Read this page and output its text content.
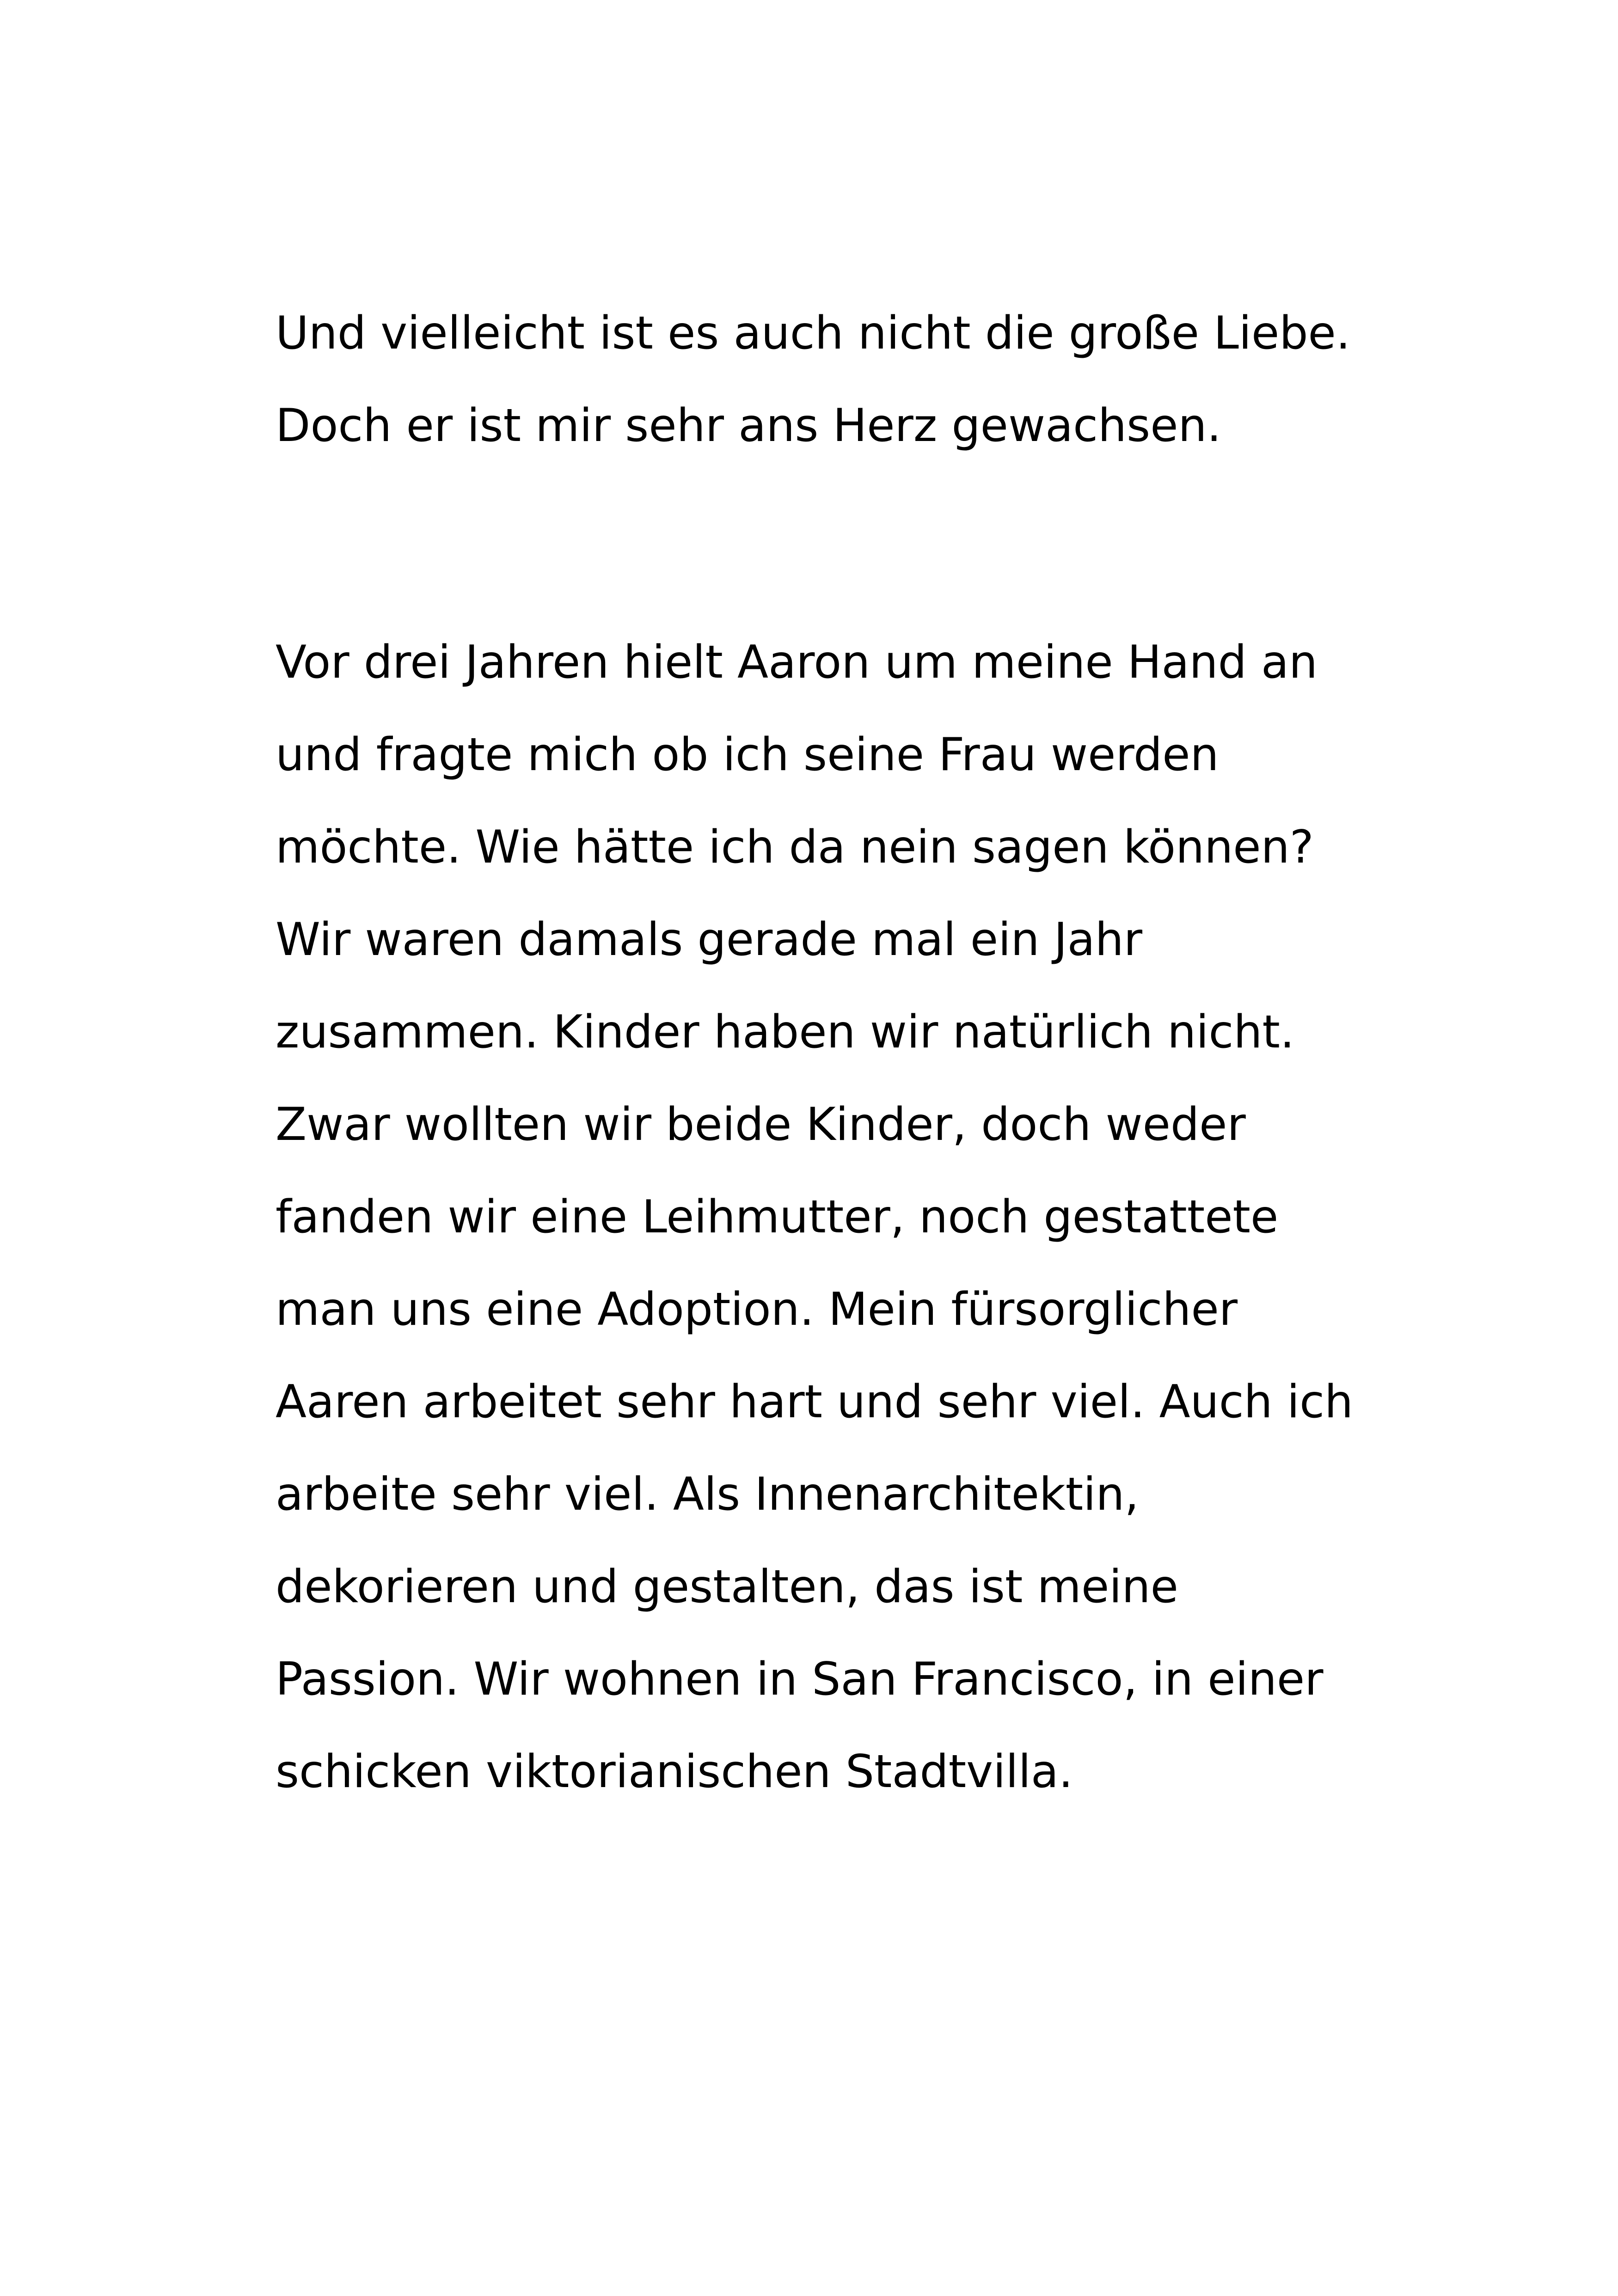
Und vielleicht ist es auch nicht die große Liebe.
Doch er ist mir sehr ans Herz gewachsen.
Vor drei Jahren hielt Aaron um meine Hand an
und fragte mich ob ich seine Frau werden
möchte. Wie hätte ich da nein sagen können?
Wir waren damals gerade mal ein Jahr
zusammen. Kinder haben wir natürlich nicht.
Zwar wollten wir beide Kinder, doch weder
fanden wir eine Leihmutter, noch gestattete
man uns eine Adoption. Mein fürsorglicher
Aaren arbeitet sehr hart und sehr viel. Auch ich
arbeite sehr viel. Als Innenarchitektin,
dekorieren und gestalten, das ist meine
Passion. Wir wohnen in San Francisco, in einer
schicken viktorianischen Stadtvilla.
